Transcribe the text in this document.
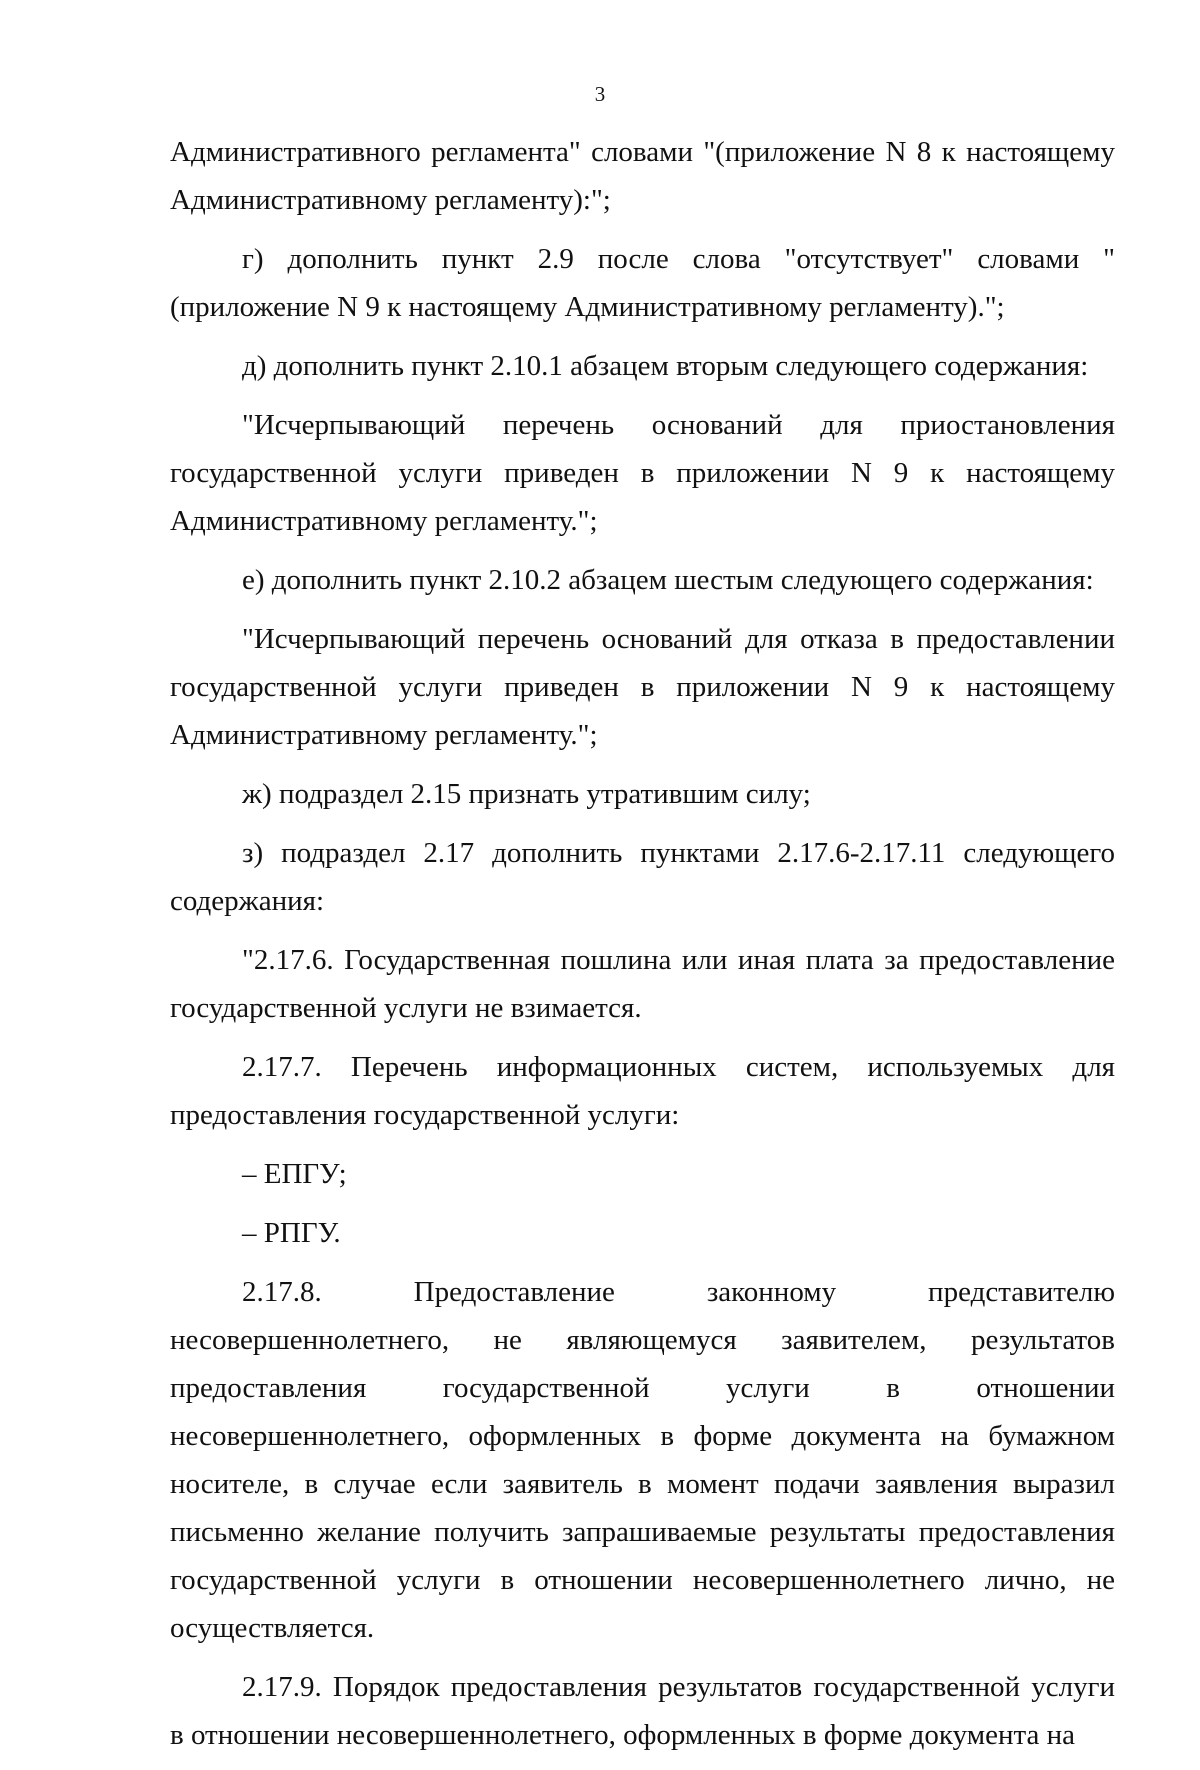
3

Административного регламента" словами "(приложение N 8 к настоящему Административному регламенту):";

г) дополнить пункт 2.9 после слова "отсутствует" словами "(приложение N 9 к настоящему Административному регламенту).";

д) дополнить пункт 2.10.1 абзацем вторым следующего содержания:

"Исчерпывающий перечень оснований для приостановления государственной услуги приведен в приложении N 9 к настоящему Административному регламенту.";

е) дополнить пункт 2.10.2 абзацем шестым следующего содержания:

"Исчерпывающий перечень оснований для отказа в предоставлении государственной услуги приведен в приложении N 9 к настоящему Административному регламенту.";

ж) подраздел 2.15 признать утратившим силу;

з) подраздел 2.17 дополнить пунктами 2.17.6-2.17.11 следующего содержания:

"2.17.6. Государственная пошлина или иная плата за предоставление государственной услуги не взимается.

2.17.7. Перечень информационных систем, используемых для предоставления государственной услуги:

– ЕПГУ;

– РПГУ.

2.17.8. Предоставление законному представителю несовершеннолетнего, не являющемуся заявителем, результатов предоставления государственной услуги в отношении несовершеннолетнего, оформленных в форме документа на бумажном носителе, в случае если заявитель в момент подачи заявления выразил письменно желание получить запрашиваемые результаты предоставления государственной услуги в отношении несовершеннолетнего лично, не осуществляется.

2.17.9. Порядок предоставления результатов государственной услуги в отношении несовершеннолетнего, оформленных в форме документа на
